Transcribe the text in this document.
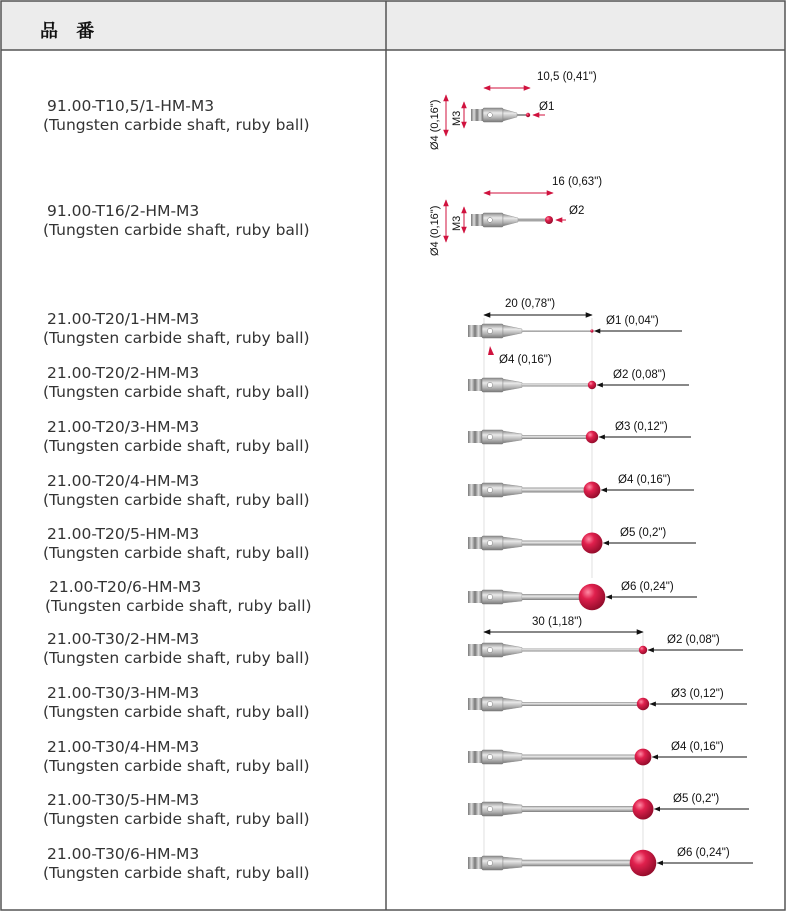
10,5 (0,41")
Ø1
Ø4 (0,16") M3
16 (0,63")
Ø2
Ø4 (0,16") M3
20 (0,78")
Ø4 (0,16")
30 (1,18")
Ø1 (0,04")
Ø2 (0,08")
Ø3 (0,12")
Ø4 (0,16")
Ø5 (0,2")
Ø6 (0,24")
Ø2 (0,08")
Ø3 (0,12")
Ø4 (0,16")
Ø5 (0,2")
Ø6 (0,24")
品 番
91.00-T10,5/1-HM-M3
(Tungsten carbide shaft, ruby ball)
91.00-T16/2-HM-M3
(Tungsten carbide shaft, ruby ball)
21.00-T20/1-HM-M3
(Tungsten carbide shaft, ruby ball)
21.00-T20/2-HM-M3
(Tungsten carbide shaft, ruby ball)
21.00-T20/3-HM-M3
(Tungsten carbide shaft, ruby ball)
21.00-T20/4-HM-M3
(Tungsten carbide shaft, ruby ball)
21.00-T20/5-HM-M3
(Tungsten carbide shaft, ruby ball)
21.00-T20/6-HM-M3
(Tungsten carbide shaft, ruby ball)
21.00-T30/2-HM-M3
(Tungsten carbide shaft, ruby ball)
21.00-T30/3-HM-M3
(Tungsten carbide shaft, ruby ball)
21.00-T30/4-HM-M3
(Tungsten carbide shaft, ruby ball)
21.00-T30/5-HM-M3
(Tungsten carbide shaft, ruby ball)
21.00-T30/6-HM-M3
(Tungsten carbide shaft, ruby ball)
